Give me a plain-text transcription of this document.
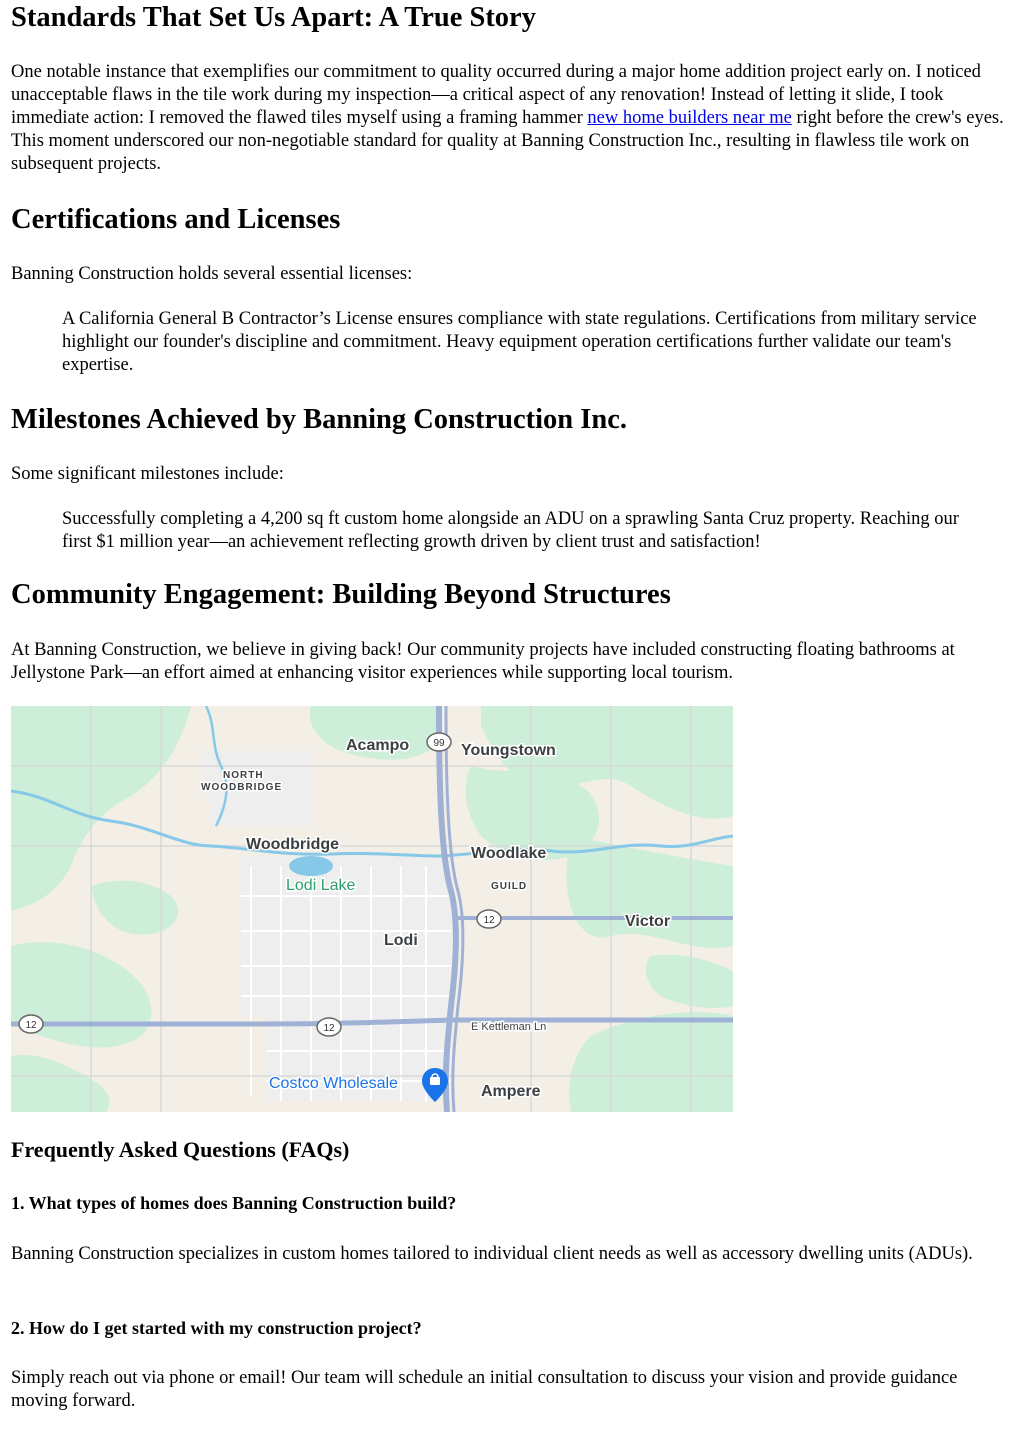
Standards That Set Us Apart: A True Story

One notable instance that exemplifies our commitment to quality occurred during a major home addition project early on. I noticed unacceptable flaws in the tile work during my inspection—a critical aspect of any renovation! Instead of letting it slide, I took immediate action: I removed the flawed tiles myself using a framing hammer new home builders near me right before the crew's eyes. This moment underscored our non-negotiable standard for quality at Banning Construction Inc., resulting in flawless tile work on subsequent projects.

Certifications and Licenses

Banning Construction holds several essential licenses:

A California General B Contractor’s License ensures compliance with state regulations. Certifications from military service highlight our founder's discipline and commitment. Heavy equipment operation certifications further validate our team's expertise.
Milestones Achieved by Banning Construction Inc.

Some significant milestones include:

Successfully completing a 4,200 sq ft custom home alongside an ADU on a sprawling Santa Cruz property. Reaching our first $1 million year—an achievement reflecting growth driven by client trust and satisfaction!
Community Engagement: Building Beyond Structures

At Banning Construction, we believe in giving back! Our community projects have included constructing floating bathrooms at Jellystone Park—an effort aimed at enhancing visitor experiences while supporting local tourism.

99
12
12	12
Acampo	Youngstown
NORTH
WOODBRIDGE
Woodbridge
Woodlake
GUILD
Victor
Lodi
E Kettleman Ln
Ampere
Lodi Lake
Costco Wholesale
Frequently Asked Questions (FAQs)
1. What types of homes does Banning Construction build?

Banning Construction specializes in custom homes tailored to individual client needs as well as accessory dwelling units (ADUs).

2. How do I get started with my construction project?

Simply reach out via phone or email! Our team will schedule an initial consultation to discuss your vision and provide guidance moving forward.
